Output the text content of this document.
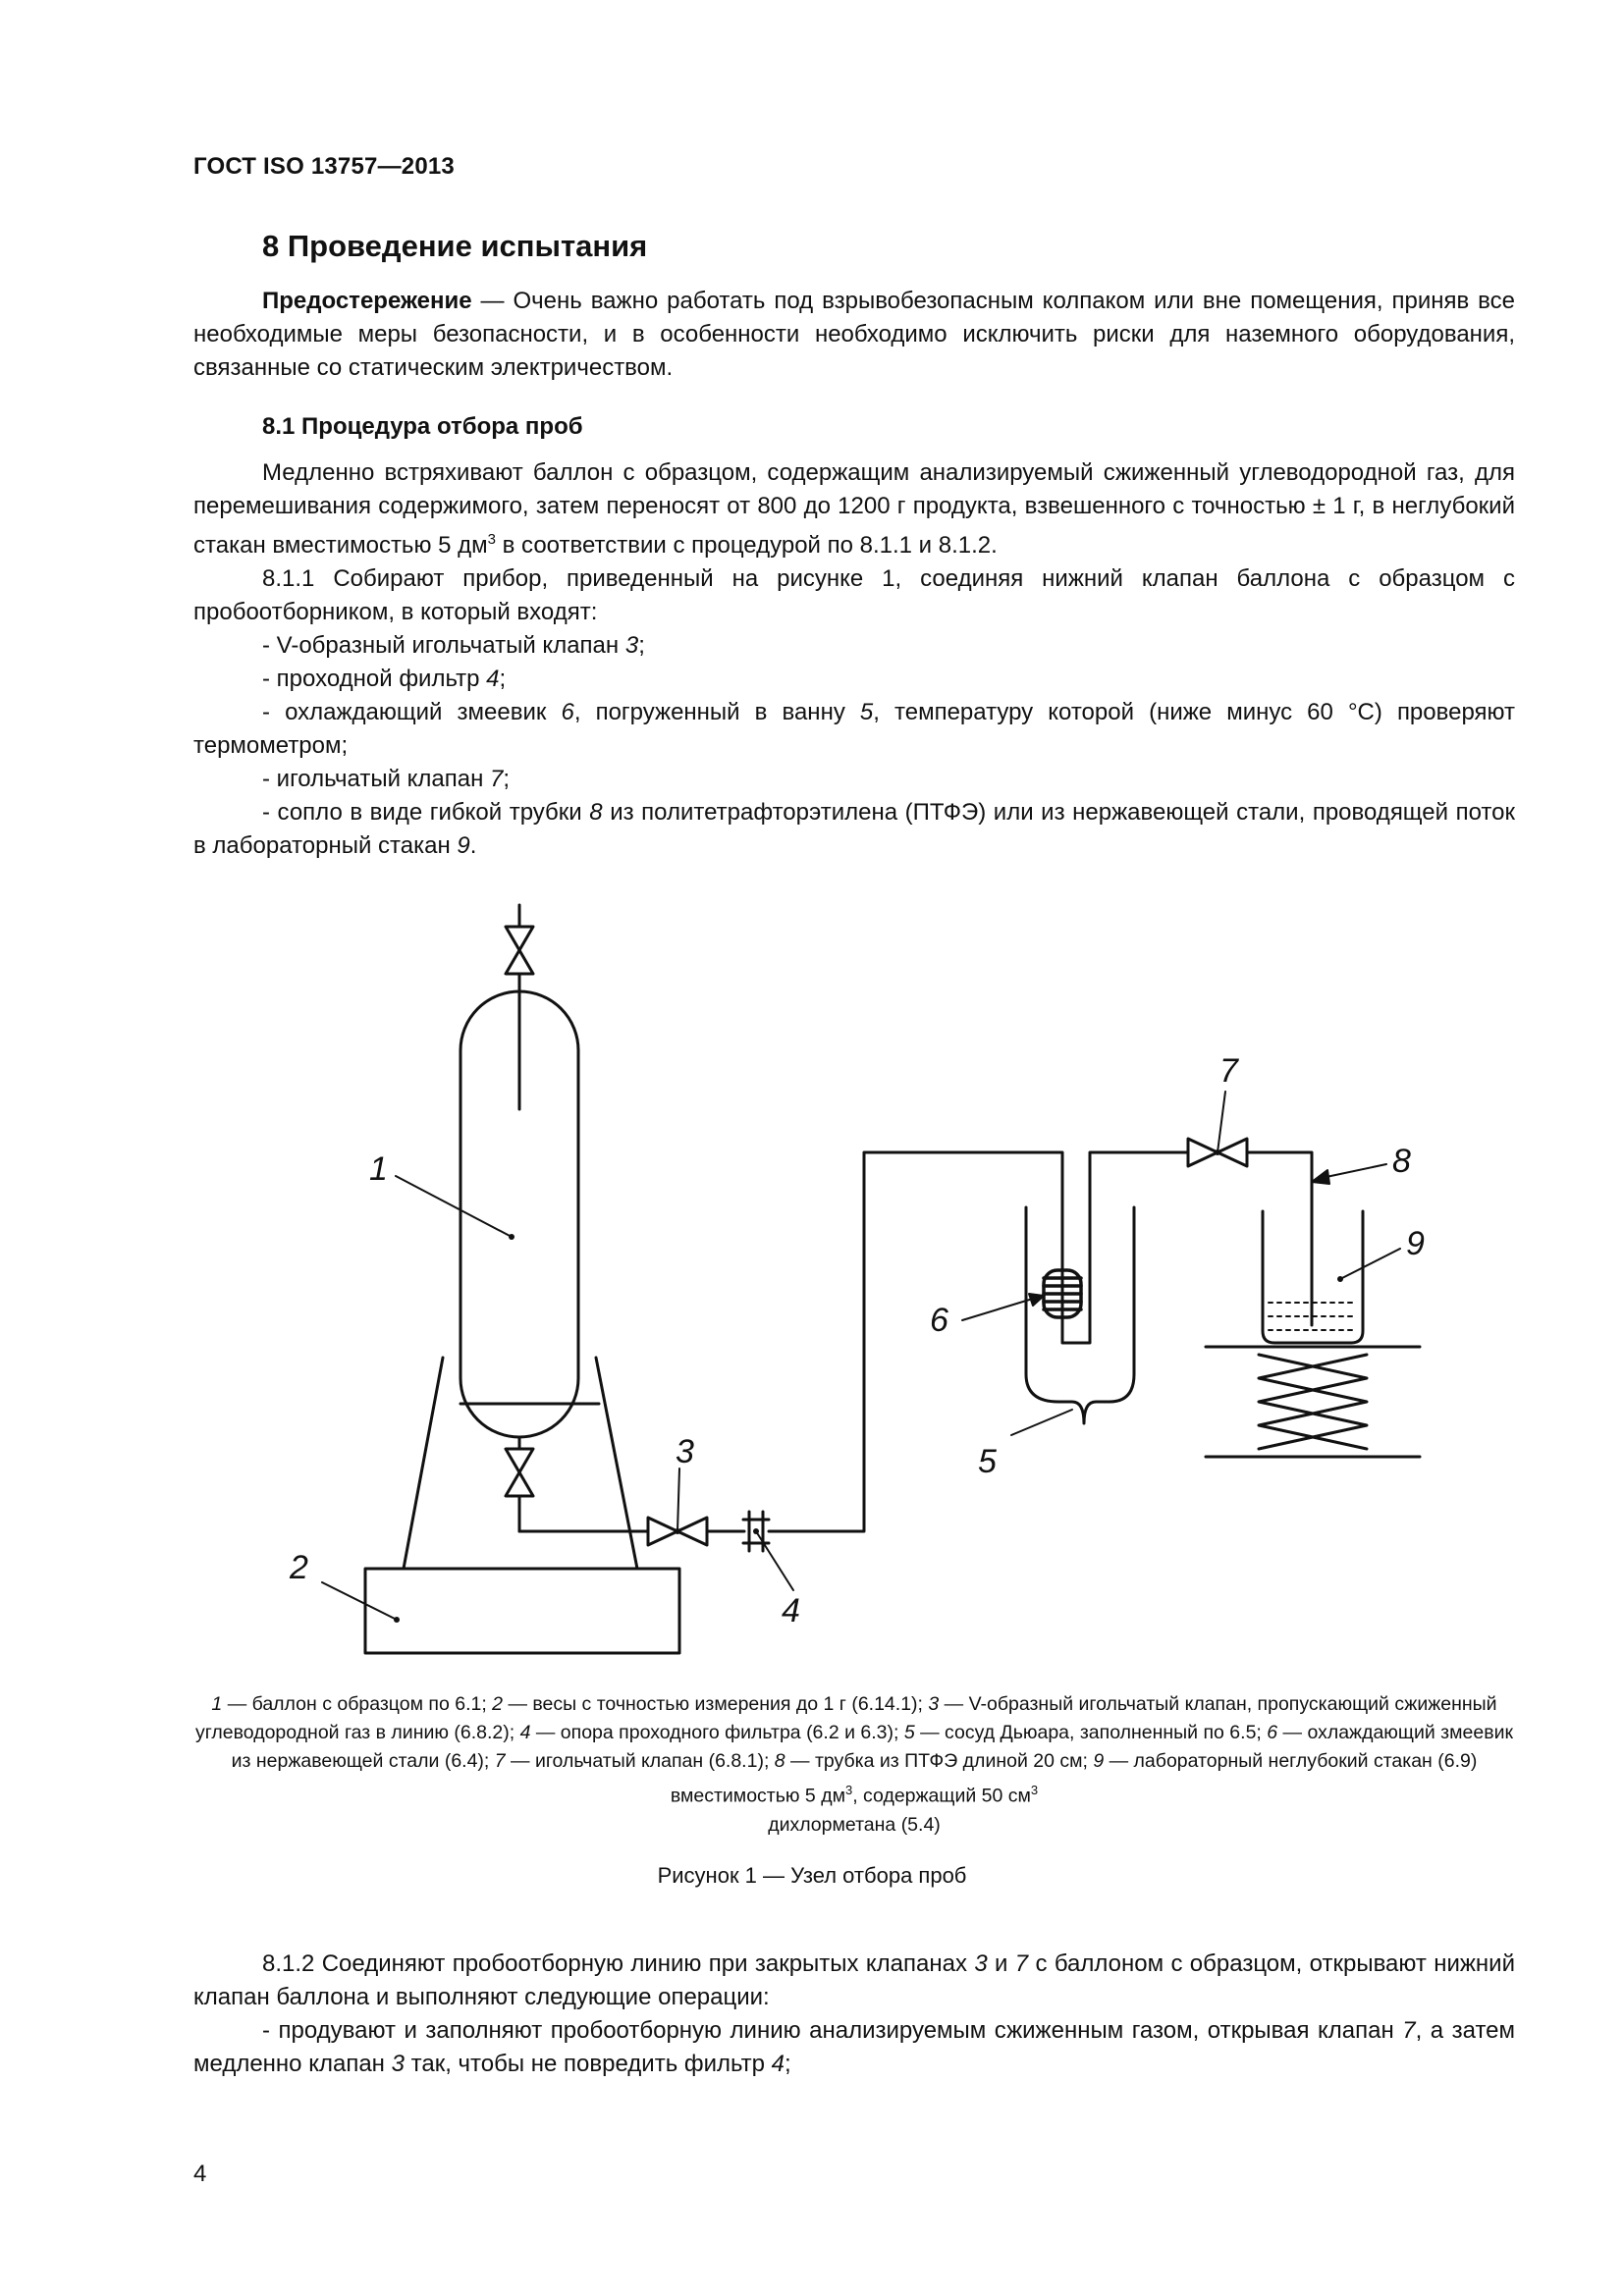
ГОСТ ISO 13757—2013
8 Проведение испытания

Предостережение — Очень важно работать под взрывобезопасным колпаком или вне помещения, приняв все необходимые меры безопасности, и в особенности необходимо исключить риски для наземного оборудования, связанные со статическим электричеством.

8.1 Процедура отбора проб

Медленно встряхивают баллон с образцом, содержащим анализируемый сжиженный углеводородной газ, для перемешивания содержимого, затем переносят от 800 до 1200 г продукта, взвешенного с точностью ± 1 г, в неглубокий стакан вместимостью 5 $дм^3$ в соответствии с процедурой по 8.1.1 и 8.1.2.

8.1.1 Собирают прибор, приведенный на рисунке 1, соединяя нижний клапан баллона с образцом с пробоотборником, в который входят:

- V-образный игольчатый клапан 3;

- проходной фильтр 4;

- охлаждающий змеевик 6, погруженный в ванну 5, температуру которой (ниже минус 60 °С) проверяют термометром;

- игольчатый клапан 7;

- сопло в виде гибкой трубки 8 из политетрафторэтилена (ПТФЭ) или из нержавеющей стали, проводящей поток в лабораторный стакан 9.

1
2
3
4
5
6
7
8
9

1 — баллон с образцом по 6.1; 2 — весы с точностью измерения до 1 г (6.14.1); 3 — V-образный игольчатый клапан, пропускающий сжиженный углеводородной газ в линию (6.8.2); 4 — опора проходного фильтра (6.2 и 6.3); 5 — сосуд Дьюара, заполненный по 6.5; 6 — охлаждающий змеевик из нержавеющей стали (6.4); 7 — игольчатый клапан (6.8.1); 8 — трубка из ПТФЭ длиной 20 см; 9 — лабораторный неглубокий стакан (6.9) вместимостью 5 $дм^3$, содержащий 50 $см^3$

дихлорметана (5.4)

Рисунок 1 — Узел отбора проб

8.1.2 Соединяют пробоотборную линию при закрытых клапанах 3 и 7 с баллоном с образцом, открывают нижний клапан баллона и выполняют следующие операции:

- продувают и заполняют пробоотборную линию анализируемым сжиженным газом, открывая клапан 7, а затем медленно клапан 3 так, чтобы не повредить фильтр 4;

4
